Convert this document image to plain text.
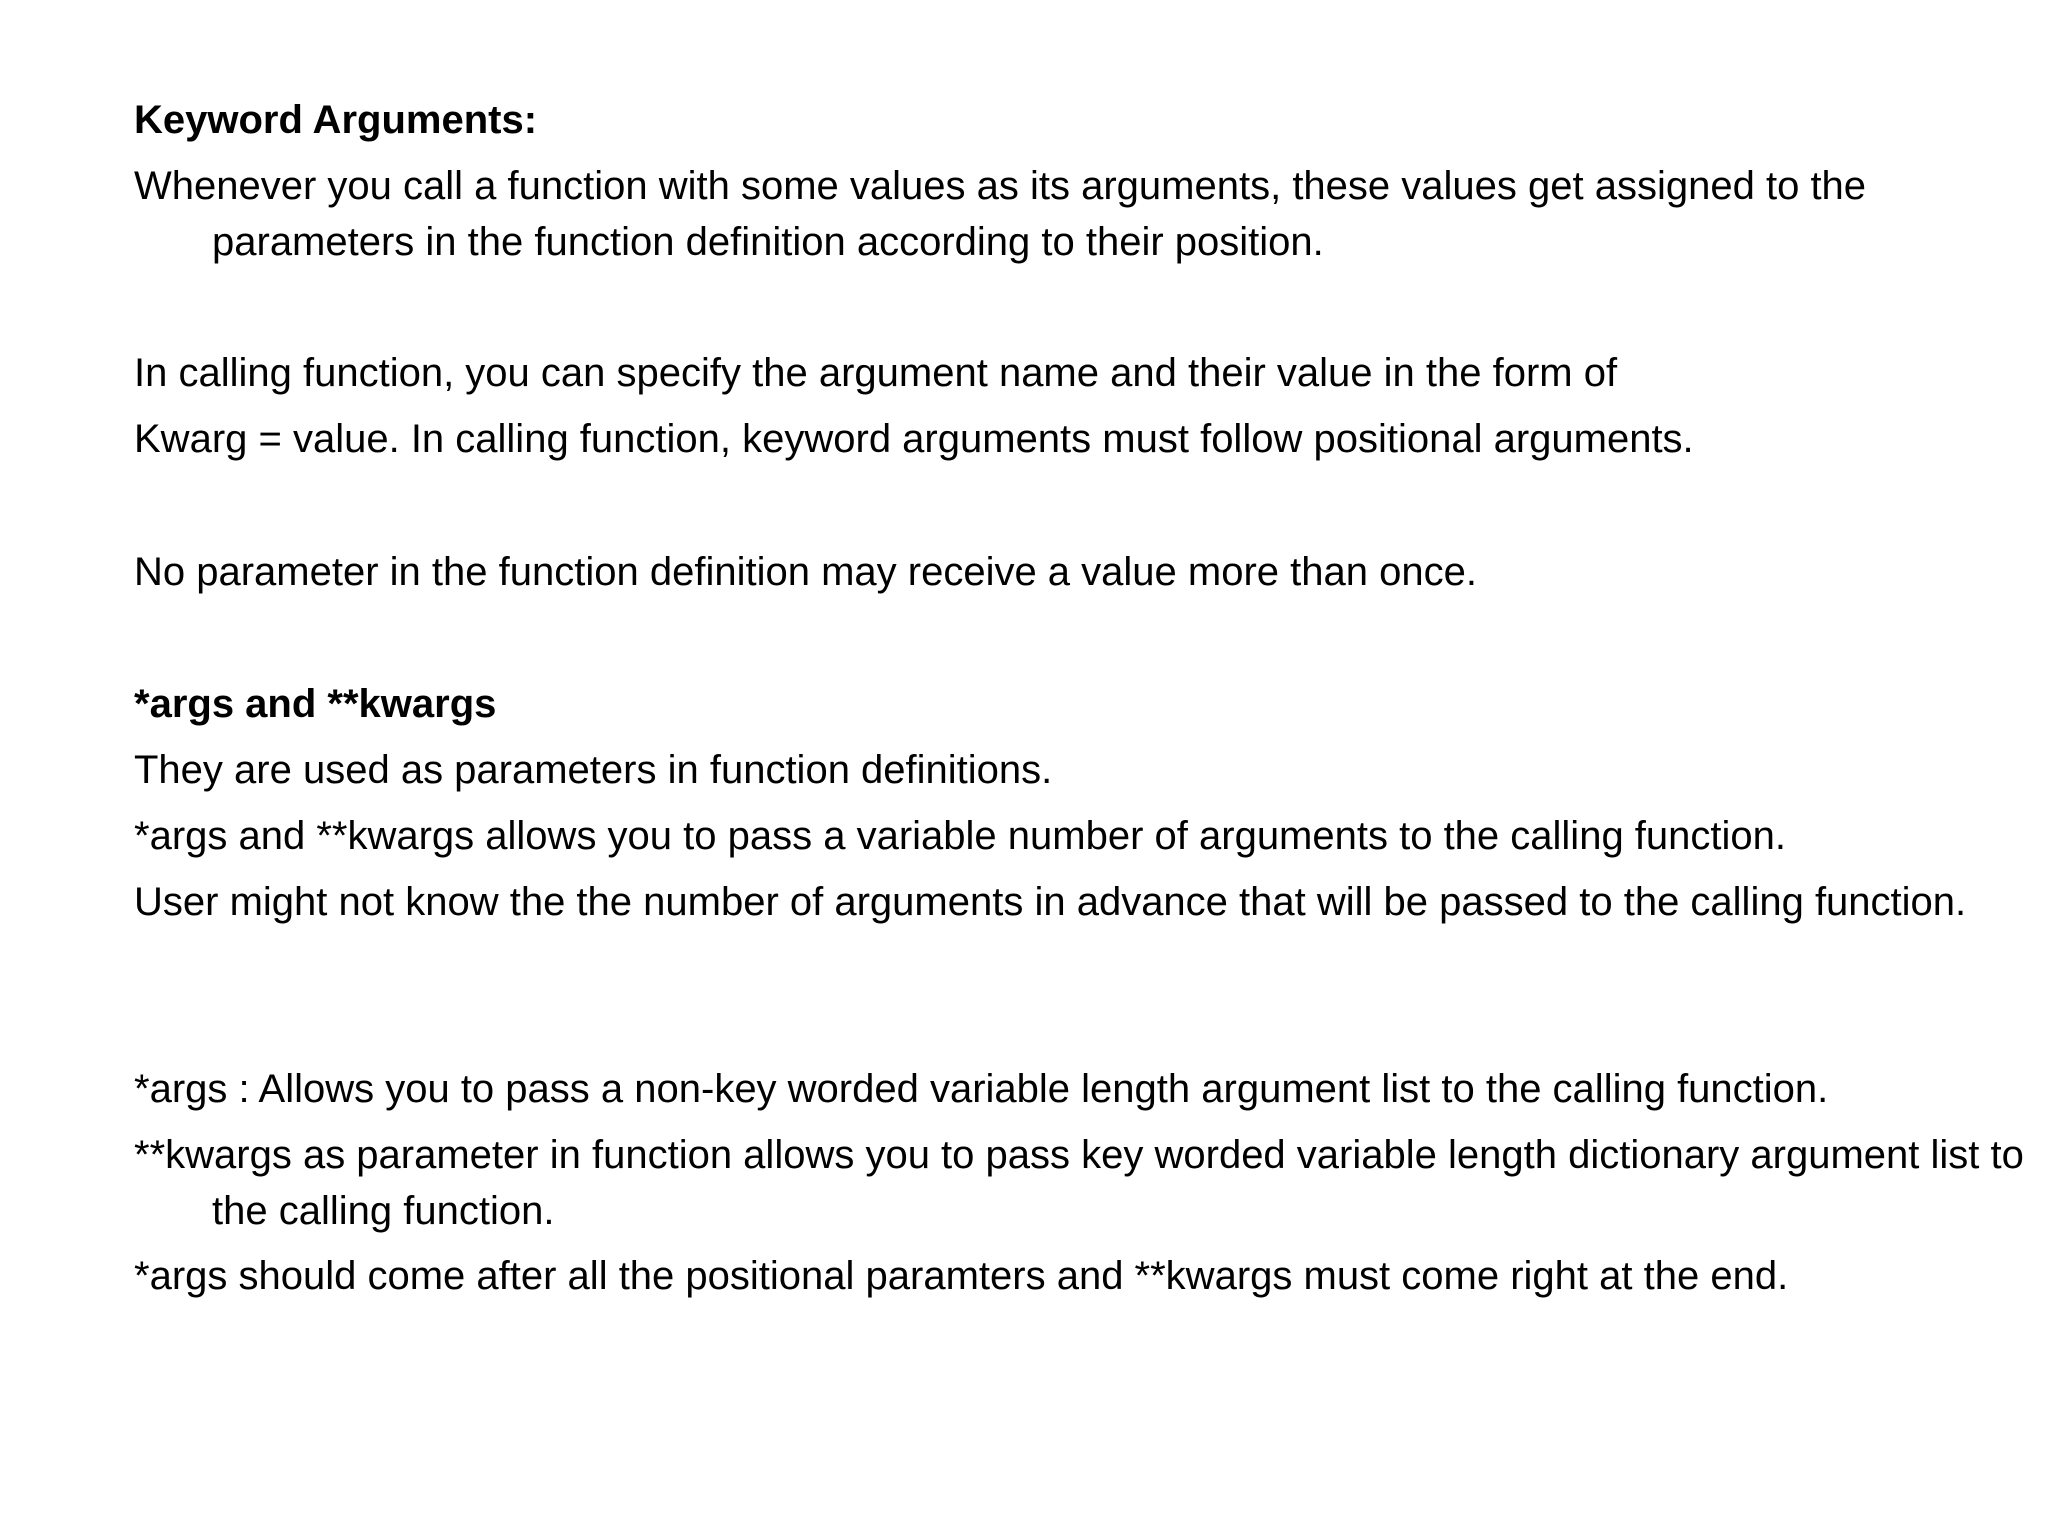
Keyword Arguments:

Whenever you call a function with some values as its arguments, these values get assigned to the parameters in the function definition according to their position.

In calling function, you can specify the argument name and their value in the form of

Kwarg = value. In calling function, keyword arguments must follow positional arguments.

No parameter in the function definition may receive a value more than once.

*args and **kwargs

They are used as parameters in function definitions.

*args and **kwargs allows you to pass a variable number of arguments to the calling function.

User might not know the the number of arguments in advance that will be passed to the calling function.

*args : Allows you to pass a non-key worded variable length argument list to the calling function.

**kwargs as parameter in function allows you to pass key worded variable length dictionary argument list to the calling function.

*args should come after all the positional paramters and **kwargs must come right at the end.
